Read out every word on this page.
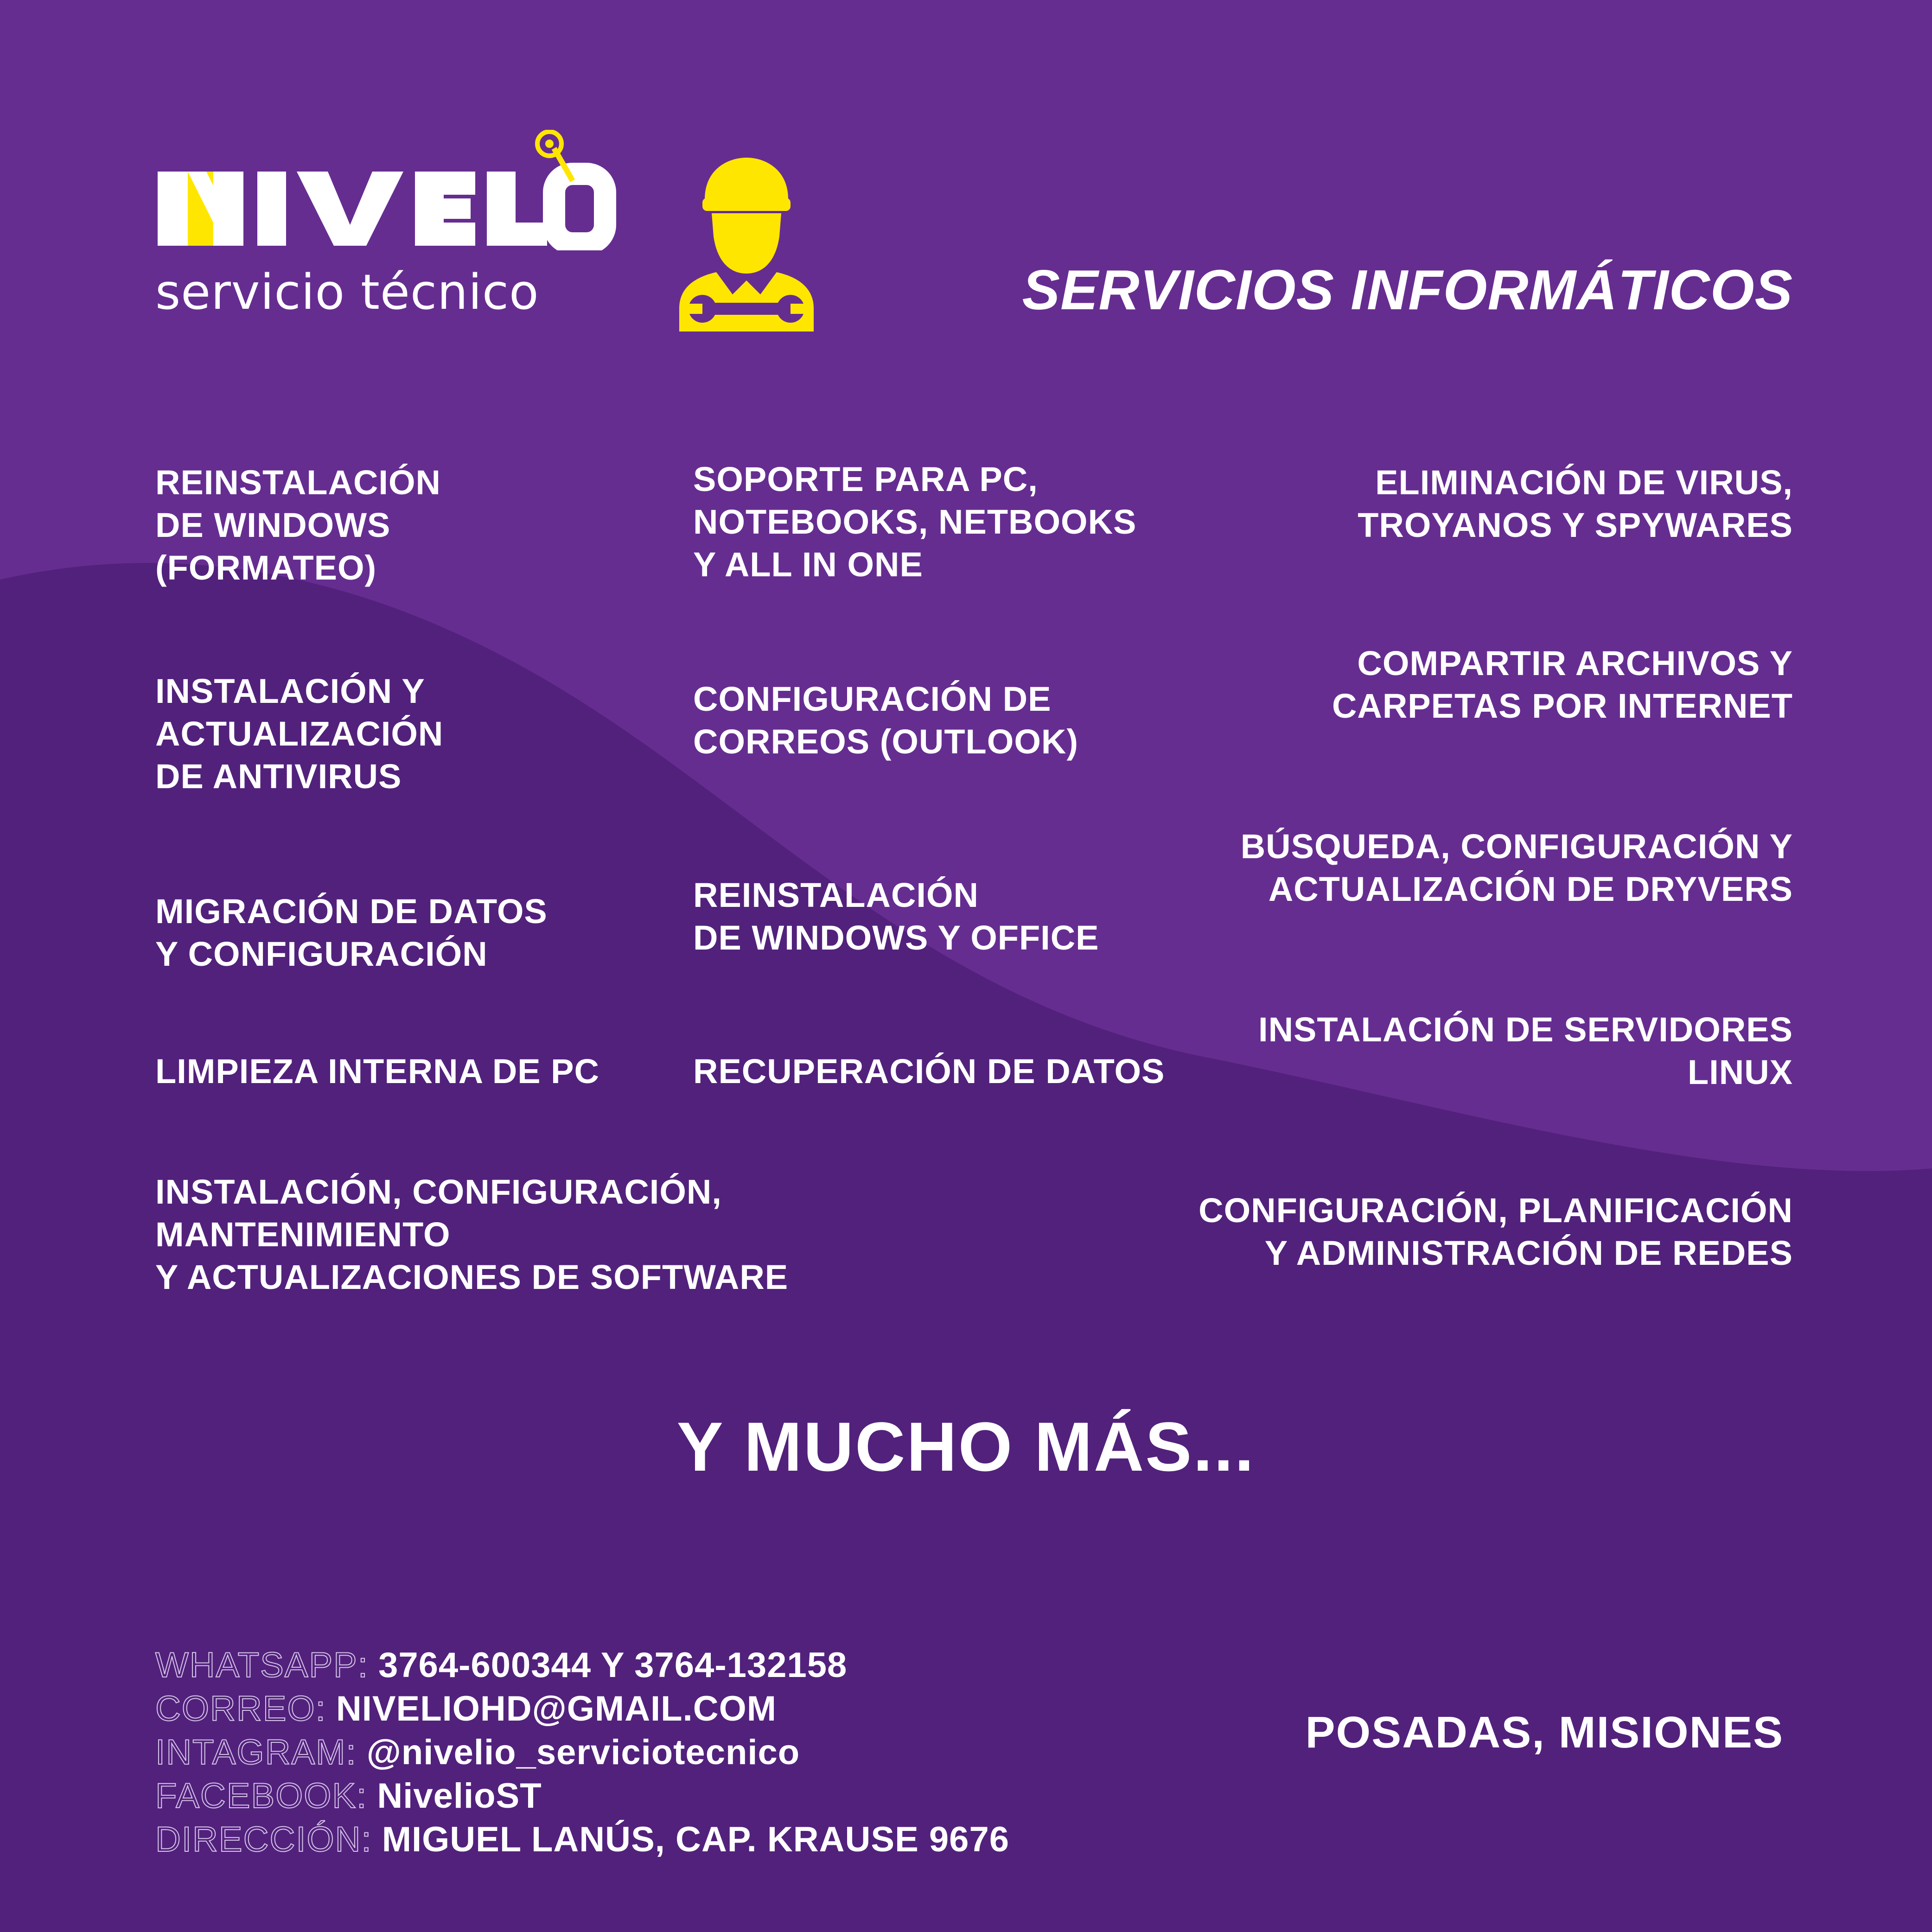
servicio técnico	SERVICIOS INFORMÁTICOS
REINSTALACIÓN
DE WINDOWS
(FORMATEO)
SOPORTE PARA PC,
NOTEBOOKS, NETBOOKS
Y ALL IN ONE
ELIMINACIÓN DE VIRUS,
TROYANOS Y SPYWARES
INSTALACIÓN Y
ACTUALIZACIÓN
DE ANTIVIRUS
CONFIGURACIÓN DE
CORREOS (OUTLOOK)
COMPARTIR ARCHIVOS Y
CARPETAS POR INTERNET
MIGRACIÓN DE DATOS
Y CONFIGURACIÓN
REINSTALACIÓN
DE WINDOWS Y OFFICE
BÚSQUEDA, CONFIGURACIÓN Y
ACTUALIZACIÓN DE DRYVERS
LIMPIEZA INTERNA DE PC	RECUPERACIÓN DE DATOS
INSTALACIÓN DE SERVIDORES
LINUX
INSTALACIÓN, CONFIGURACIÓN,
MANTENIMIENTO
Y ACTUALIZACIONES DE SOFTWARE
CONFIGURACIÓN, PLANIFICACIÓN
Y ADMINISTRACIÓN DE REDES
Y MUCHO MÁS...
WHATSAPP: 3764-600344 Y 3764-132158
CORREO: NIVELIOHD@GMAIL.COM
INTAGRAM: @nivelio_serviciotecnico
FACEBOOK: NivelioST
DIRECCIÓN: MIGUEL LANÚS, CAP. KRAUSE 9676
POSADAS, MISIONES
